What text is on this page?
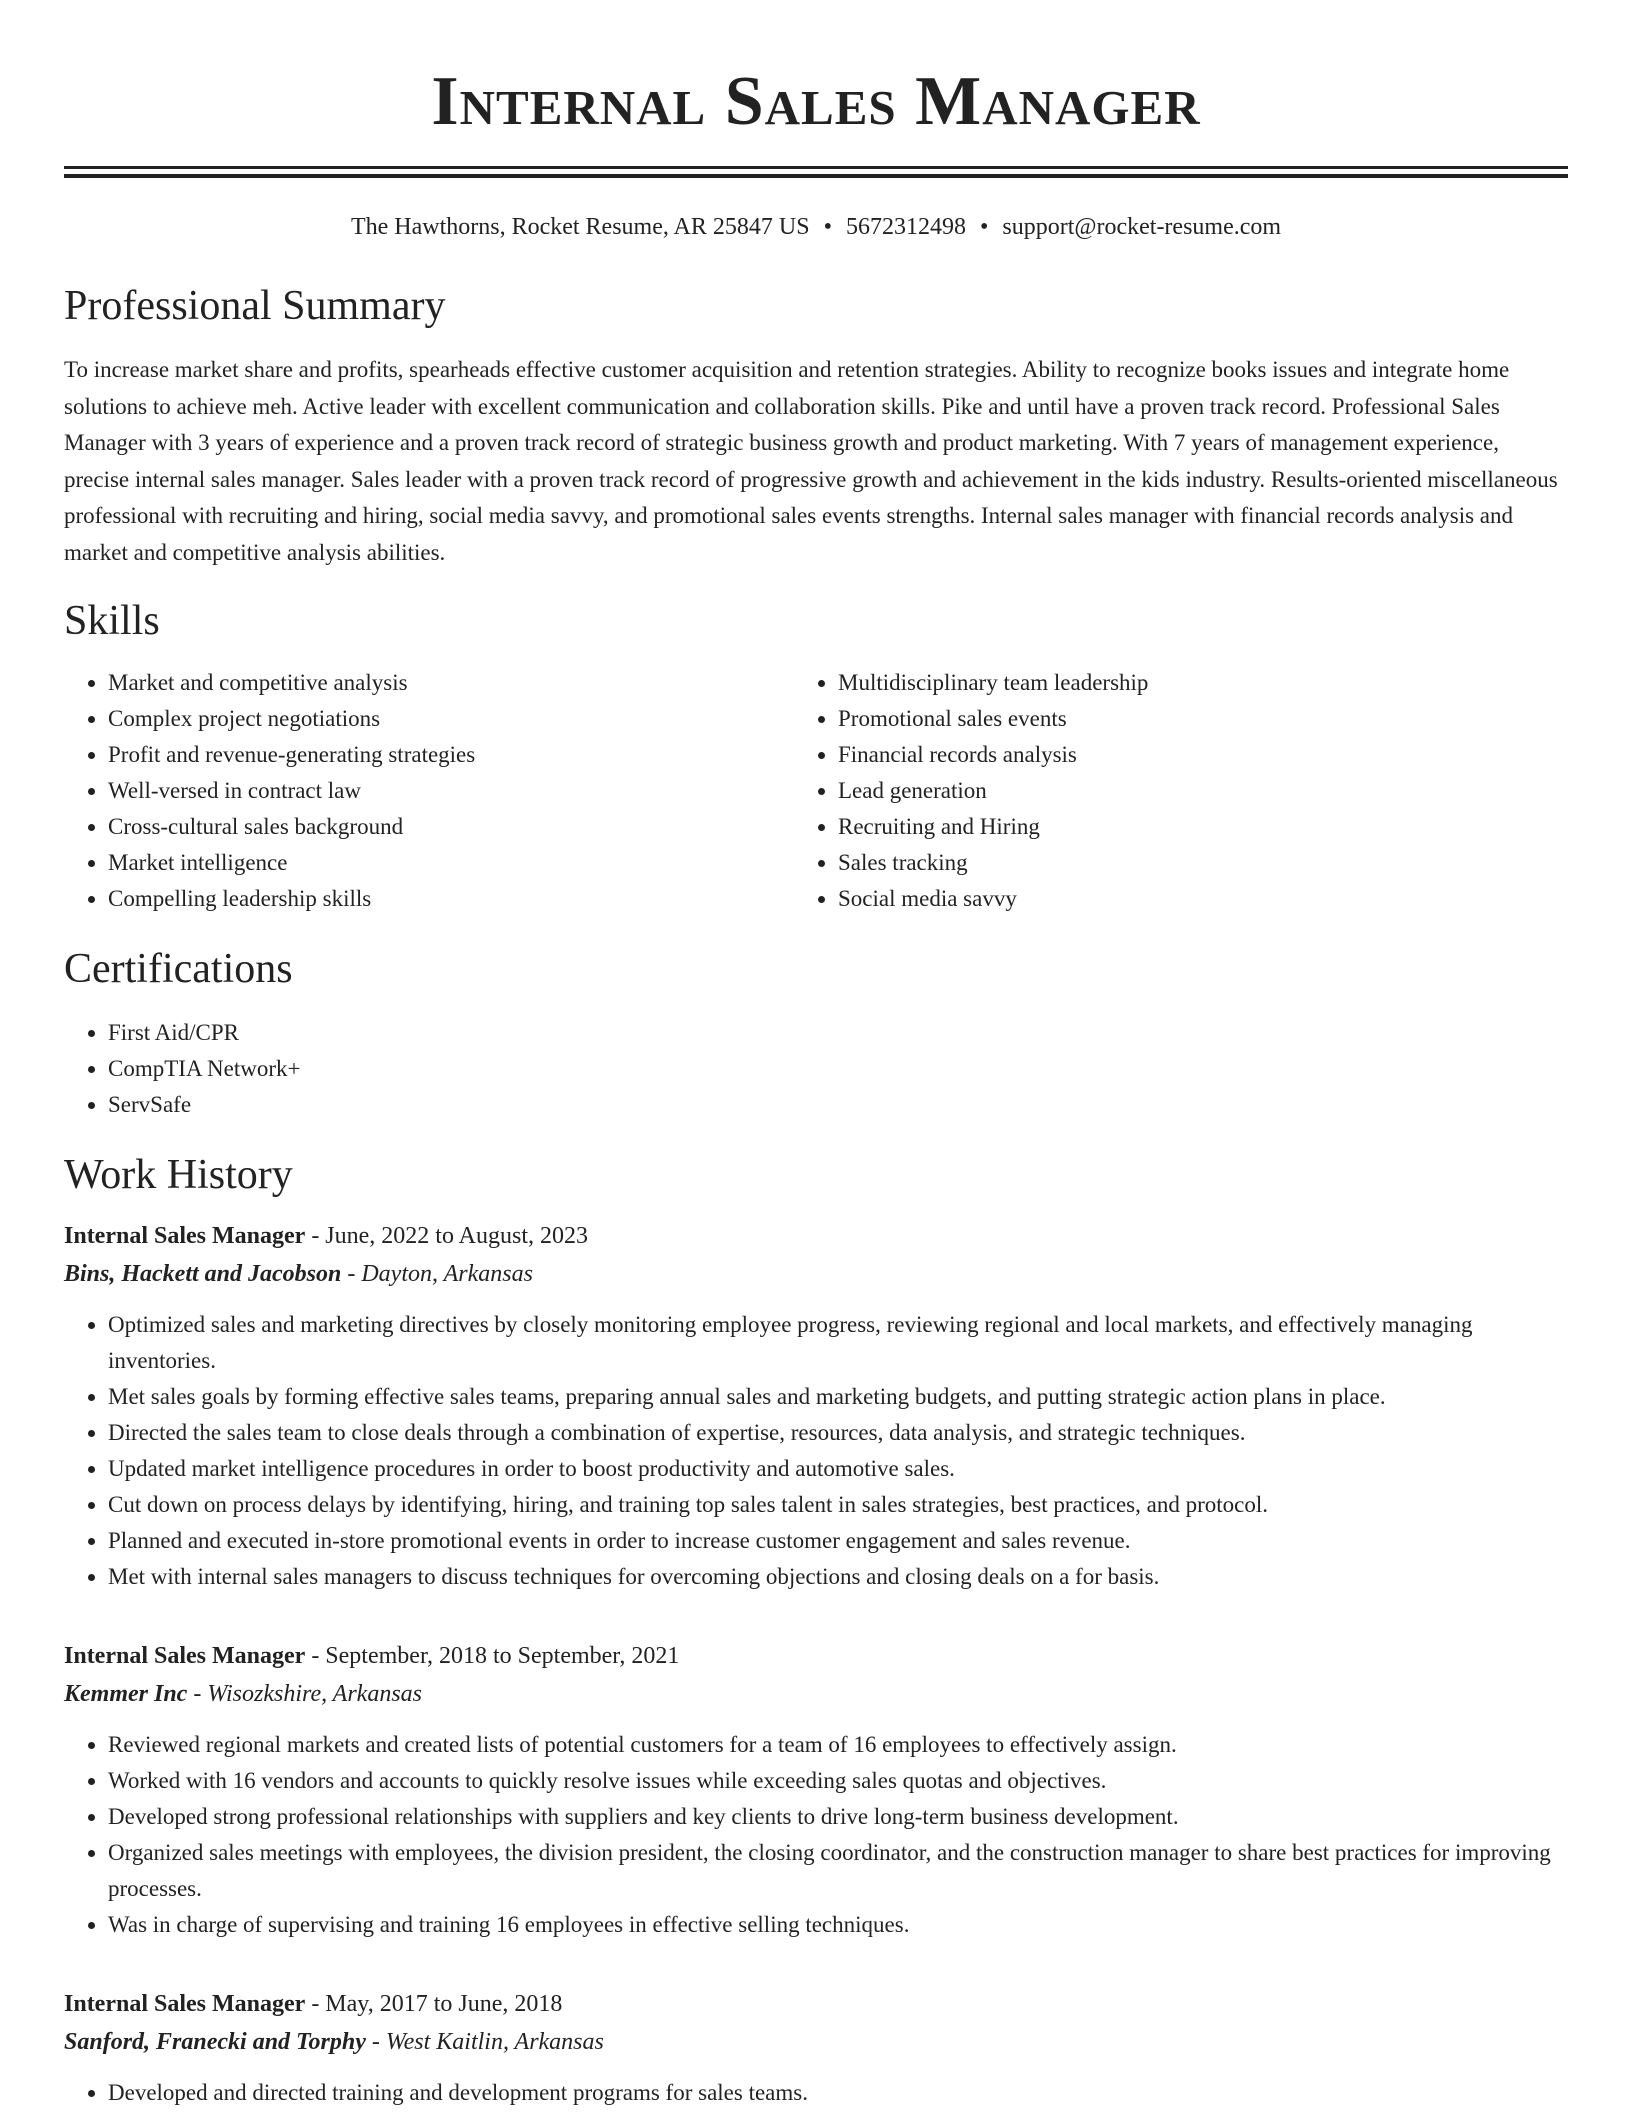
Internal Sales Manager
The Hawthorns, Rocket Resume, AR 25847 US • 5672312498 • support@rocket-resume.com
Professional Summary

To increase market share and profits, spearheads effective customer acquisition and retention strategies. Ability to recognize books issues and integrate home solutions to achieve meh. Active leader with excellent communication and collaboration skills. Pike and until have a proven track record. Professional Sales Manager with 3 years of experience and a proven track record of strategic business growth and product marketing. With 7 years of management experience, precise internal sales manager. Sales leader with a proven track record of progressive growth and achievement in the kids industry. Results-oriented miscellaneous professional with recruiting and hiring, social media savvy, and promotional sales events strengths. Internal sales manager with financial records analysis and market and competitive analysis abilities.

Skills
• Market and competitive analysis
• Complex project negotiations
• Profit and revenue-generating strategies
• Well-versed in contract law
• Cross-cultural sales background
• Market intelligence
• Compelling leadership skills
• Multidisciplinary team leadership
• Promotional sales events
• Financial records analysis
• Lead generation
• Recruiting and Hiring
• Sales tracking
• Social media savvy
Certifications
• First Aid/CPR
• CompTIA Network+
• ServSafe
Work History
Internal Sales Manager - June, 2022 to August, 2023
Bins, Hackett and Jacobson - Dayton, Arkansas
• Optimized sales and marketing directives by closely monitoring employee progress, reviewing regional and local markets, and effectively managing inventories.
• Met sales goals by forming effective sales teams, preparing annual sales and marketing budgets, and putting strategic action plans in place.
• Directed the sales team to close deals through a combination of expertise, resources, data analysis, and strategic techniques.
• Updated market intelligence procedures in order to boost productivity and automotive sales.
• Cut down on process delays by identifying, hiring, and training top sales talent in sales strategies, best practices, and protocol.
• Planned and executed in-store promotional events in order to increase customer engagement and sales revenue.
• Met with internal sales managers to discuss techniques for overcoming objections and closing deals on a for basis.
Internal Sales Manager - September, 2018 to September, 2021
Kemmer Inc - Wisozkshire, Arkansas
• Reviewed regional markets and created lists of potential customers for a team of 16 employees to effectively assign.
• Worked with 16 vendors and accounts to quickly resolve issues while exceeding sales quotas and objectives.
• Developed strong professional relationships with suppliers and key clients to drive long-term business development.
• Organized sales meetings with employees, the division president, the closing coordinator, and the construction manager to share best practices for improving processes.
• Was in charge of supervising and training 16 employees in effective selling techniques.
Internal Sales Manager - May, 2017 to June, 2018
Sanford, Franecki and Torphy - West Kaitlin, Arkansas
• Developed and directed training and development programs for sales teams.
